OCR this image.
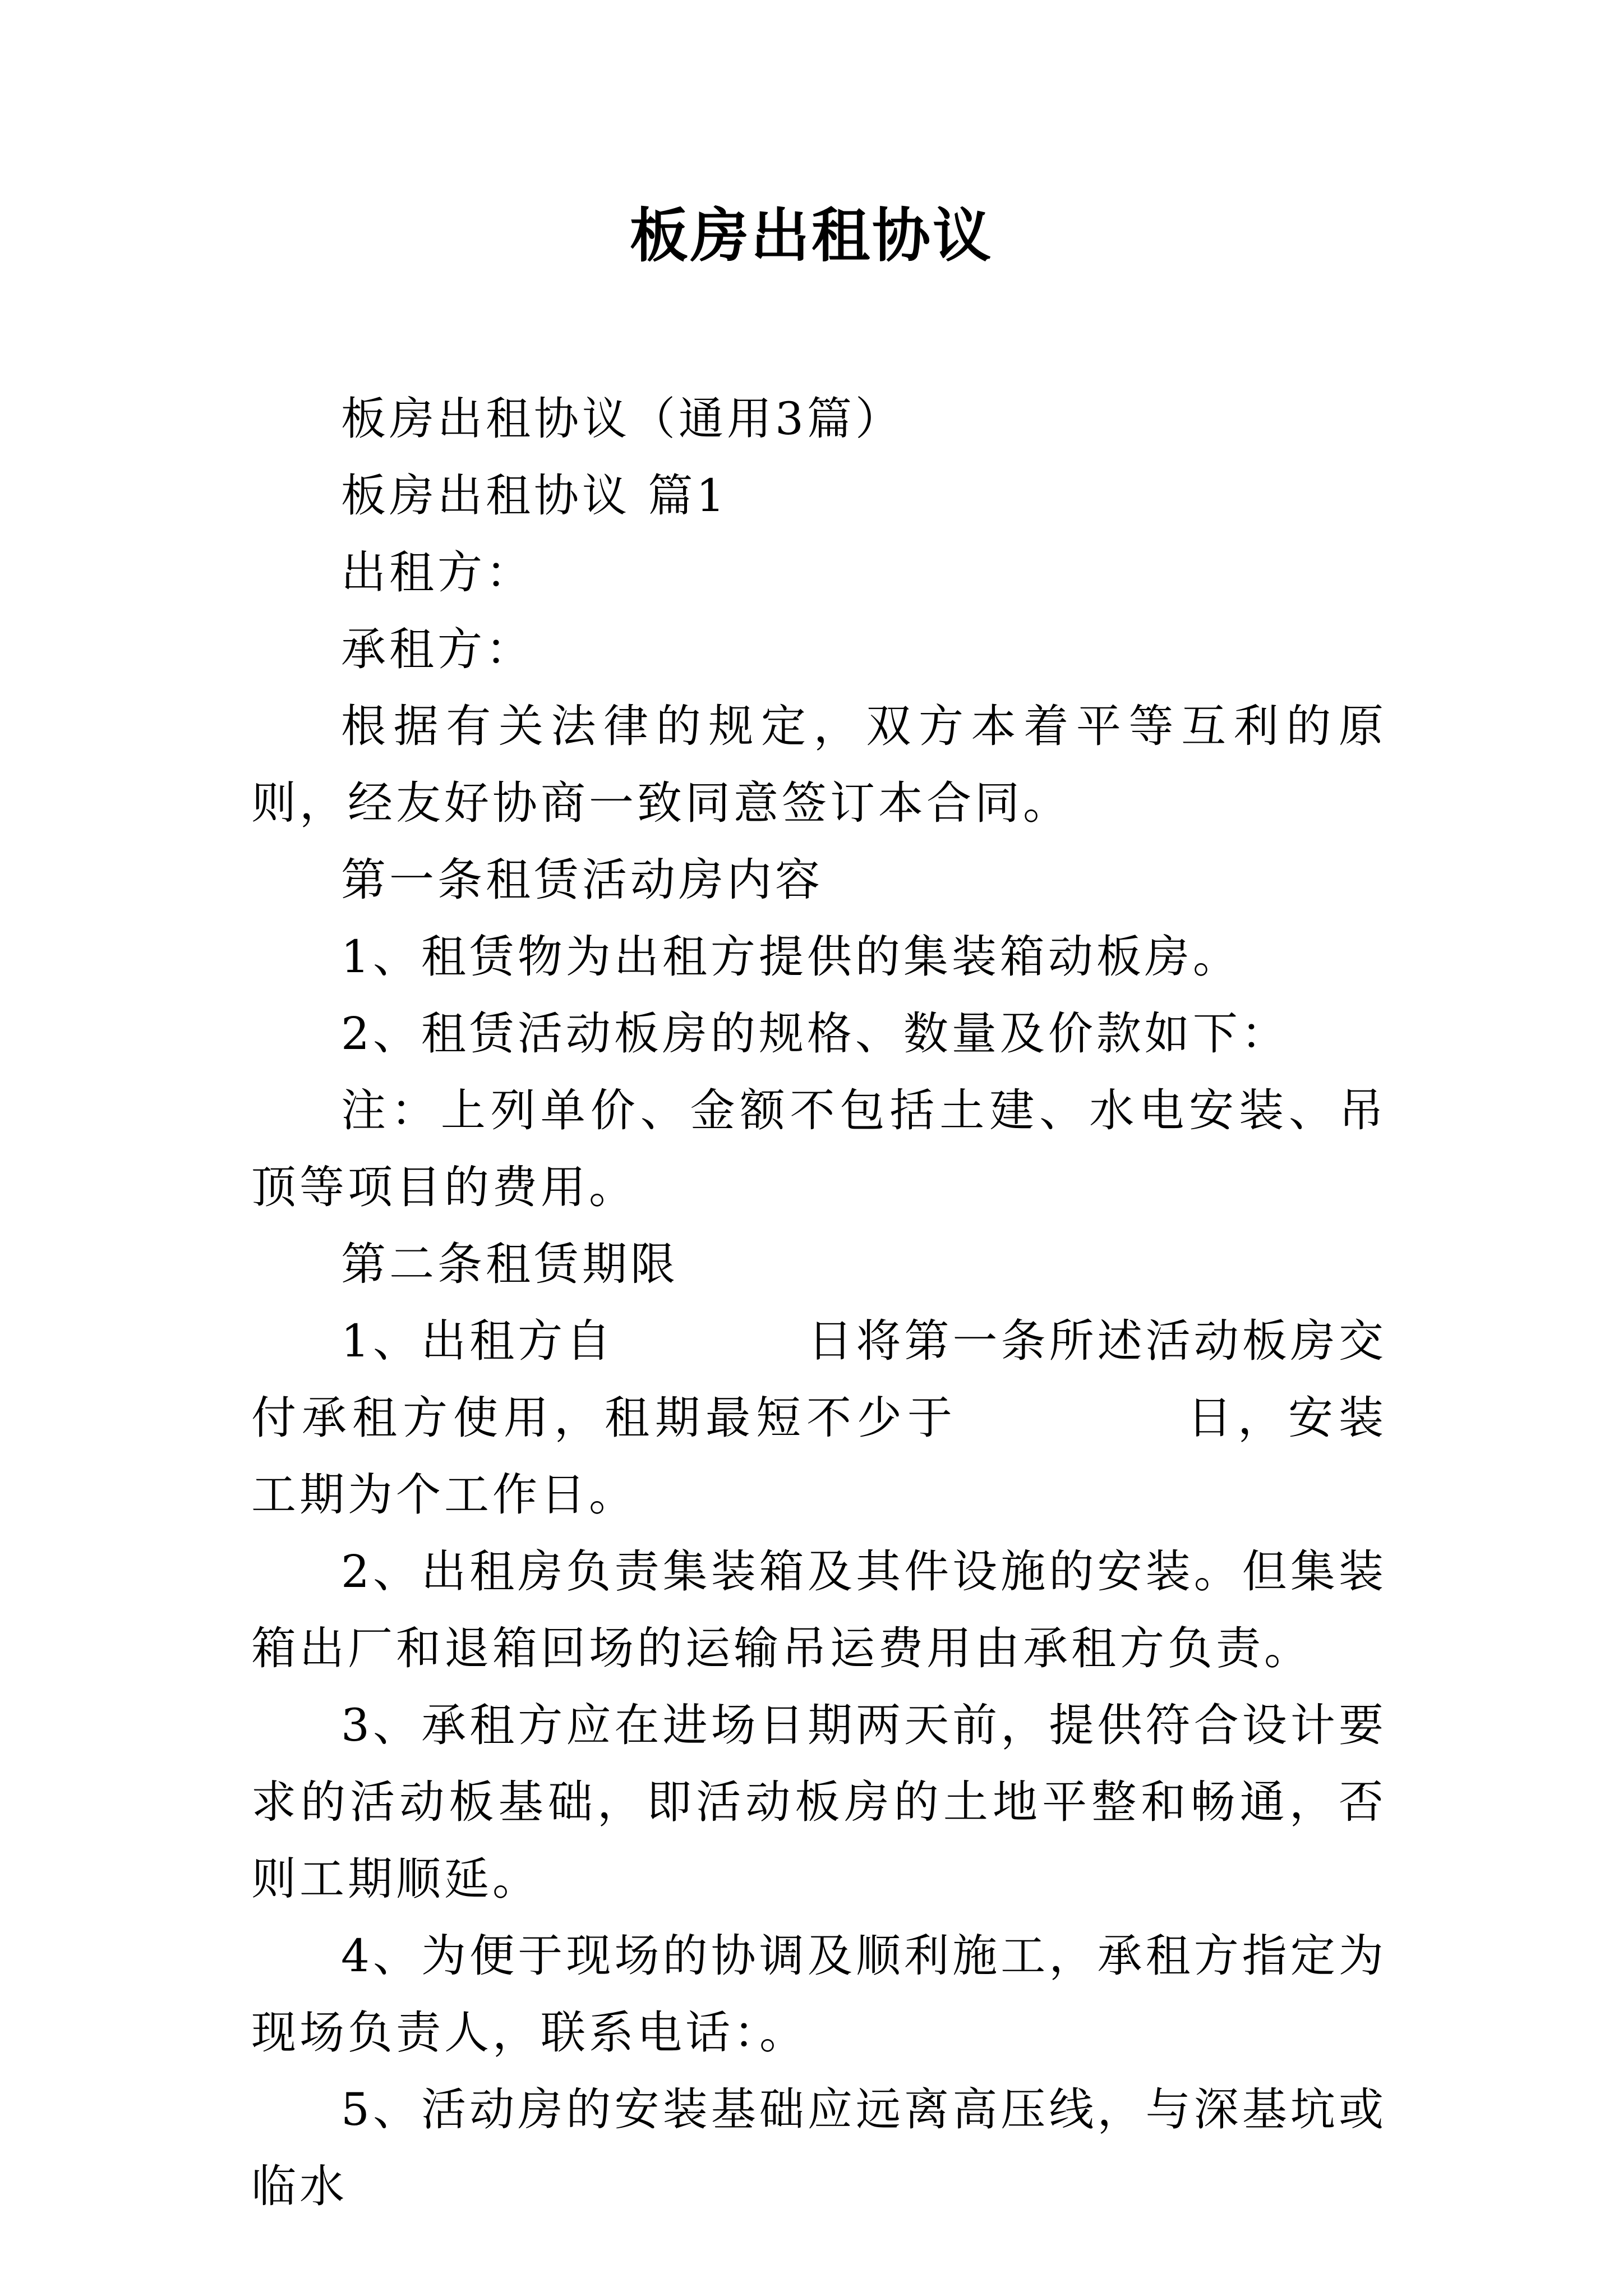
板房出租协议

板房出租协议（通用3篇）

板房出租协议 篇1

出租方：

承租方：

根据有关法律的规定，双方本着平等互利的原则，经友好协商一致同意签订本合同。

第一条租赁活动房内容

1、租赁物为出租方提供的集装箱动板房。

2、租赁活动板房的规格、数量及价款如下：

注：上列单价、金额不包括土建、水电安装、吊顶等项目的费用。

第二条租赁期限

1、出租方自	日将第一条所述活动板房交付承租方使用，租期最短不少于	日，安装工期为个工作日。

2、出租房负责集装箱及其件设施的安装。但集装箱出厂和退箱回场的运输吊运费用由承租方负责。

3、承租方应在进场日期两天前，提供符合设计要求的活动板基础，即活动板房的土地平整和畅通，否则工期顺延。

4、为便于现场的协调及顺利施工，承租方指定为现场负责人，联系电话：。

5、活动房的安装基础应远离高压线，与深基坑或临水
